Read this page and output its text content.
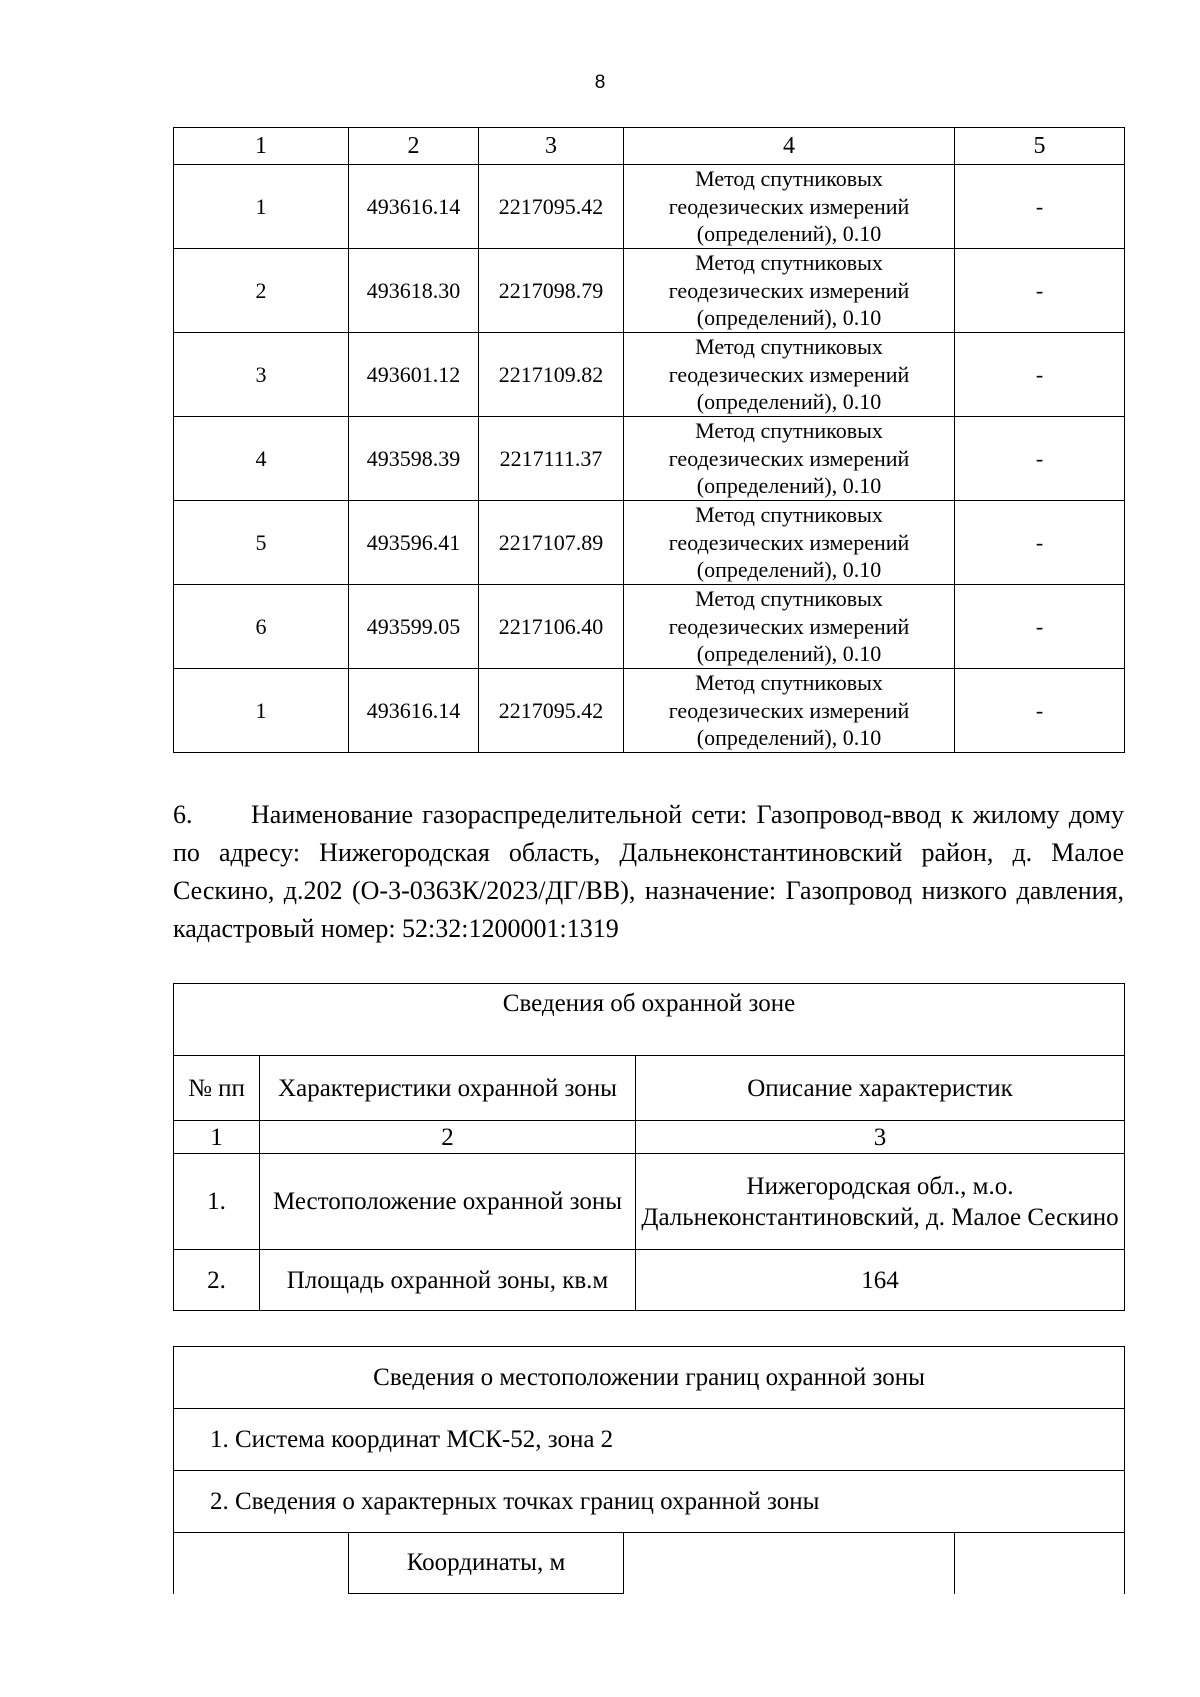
8
1	2	3	4	5
1	493616.14	2217095.42	Метод спутниковых
геодезических измерений
(определений), 0.10	-
2	493618.30	2217098.79	Метод спутниковых
геодезических измерений
(определений), 0.10	-
3	493601.12	2217109.82	Метод спутниковых
геодезических измерений
(определений), 0.10	-
4	493598.39	2217111.37	Метод спутниковых
геодезических измерений
(определений), 0.10	-
5	493596.41	2217107.89	Метод спутниковых
геодезических измерений
(определений), 0.10	-
6	493599.05	2217106.40	Метод спутниковых
геодезических измерений
(определений), 0.10	-
1	493616.14	2217095.42	Метод спутниковых
геодезических измерений
(определений), 0.10	-
6. Наименование газораспределительной сети: Газопровод-ввод к жилому дому по адресу: Нижегородская область, Дальнеконстантиновский район, д. Малое Сескино, д.202 (О-3-0363К/2023/ДГ/ВВ), назначение: Газопровод низкого давления, кадастровый номер: 52:32:1200001:1319
Сведения об охранной зоне		
№ пп	Характеристики охранной зоны	Описание характеристик
1	2	3
1.	Местоположение охранной зоны	Нижегородская обл., м.о. Дальнеконстантиновский, д. Малое Сескино
2.	Площадь охранной зоны, кв.м	164
Сведения о местоположении границ охранной зоны
1. Система координат МСК-52, зона 2
2. Сведения о характерных точках границ охранной зоны
	Координаты, м		
